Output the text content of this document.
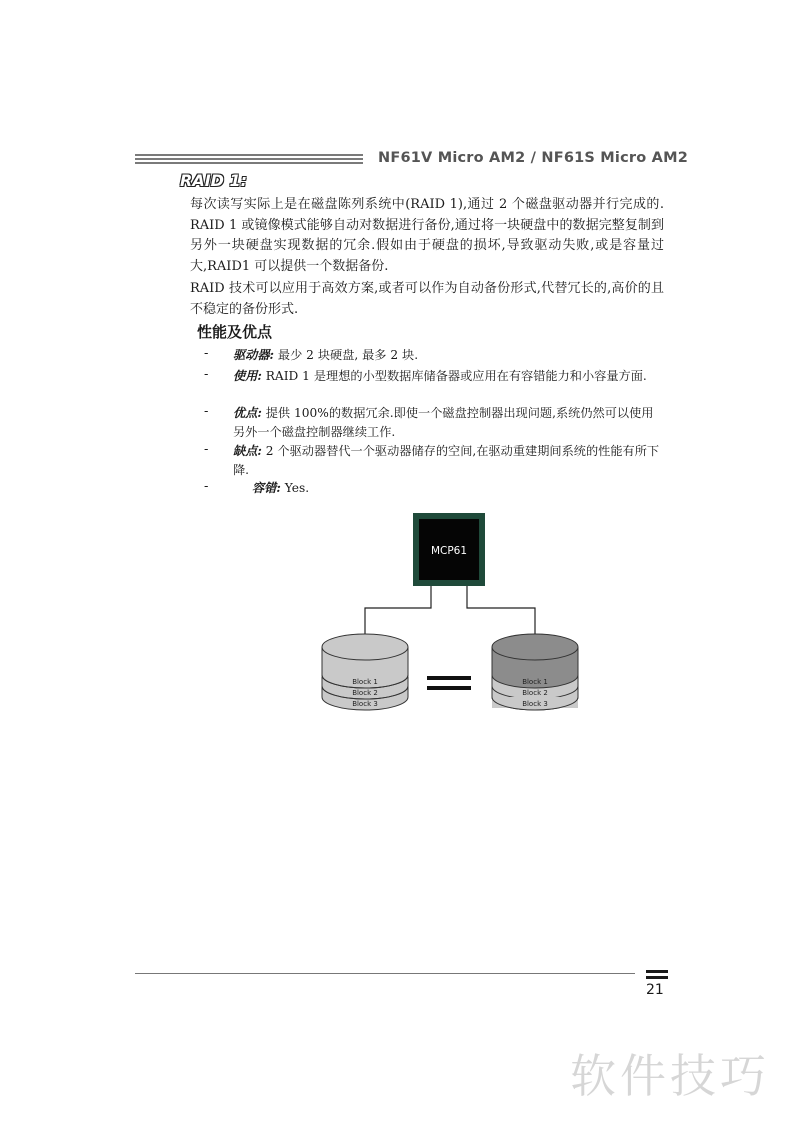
NF61V Micro AM2 / NF61S Micro AM2
RAID 1:
每次读写实际上是在磁盘陈列系统中(RAID 1),通过 2 个磁盘驱动器并行完成的. RAID 1 或镜像模式能够自动对数据进行备份,通过将一块硬盘中的数据完整复制到另外一块硬盘实现数据的冗余.假如由于硬盘的损坏,导致驱动失败,或是容量过大,RAID1 可以提供一个数据备份.
RAID 技术可以应用于高效方案,或者可以作为自动备份形式,代替冗长的,高价的且不稳定的备份形式.
性能及优点
- 驱动器: 最少 2 块硬盘, 最多 2 块.
- 使用: RAID 1 是理想的小型数据库储备器或应用在有容错能力和小容量方面.
- 优点: 提供 100%的数据冗余.即使一个磁盘控制器出现问题,系统仍然可以使用另外一个磁盘控制器继续工作.
- 缺点: 2 个驱动器替代一个驱动器储存的空间,在驱动重建期间系统的性能有所下降.
-	容错: Yes.
MCP61
Block 1
Block 2
Block 3
Block 1
Block 2
Block 3
21
软件技巧
